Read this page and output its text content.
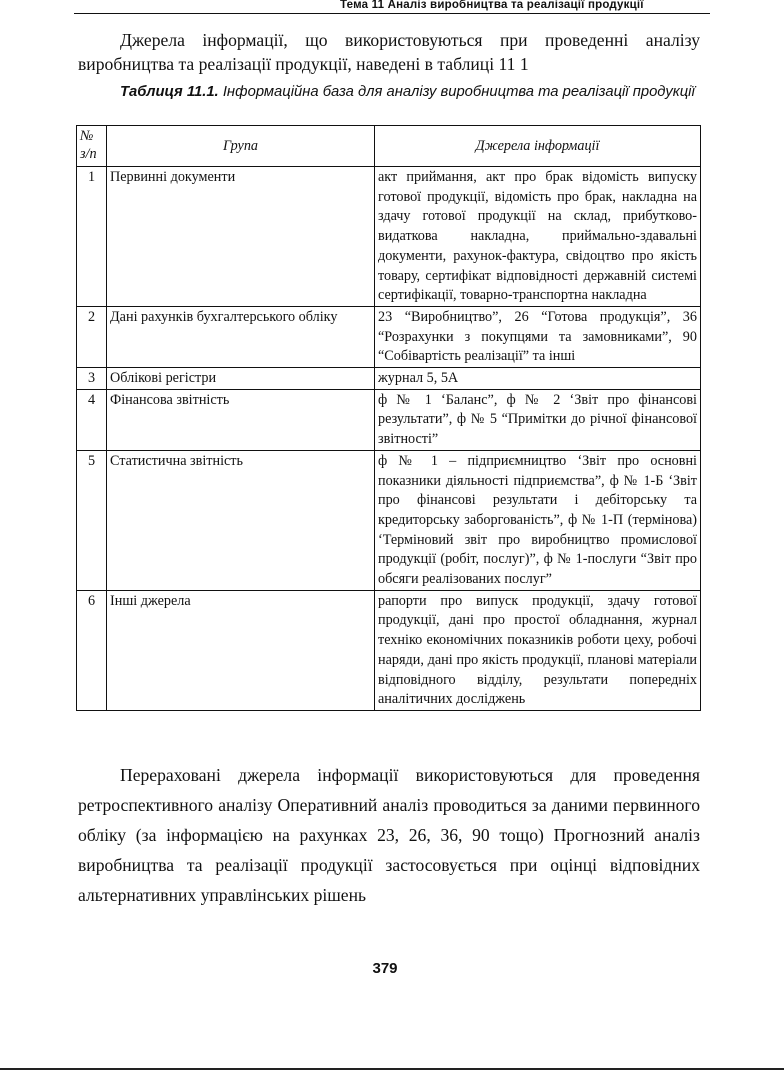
Тема 11 Аналіз виробництва та реалізації продукції

Джерела інформації, що використовуються при проведенні аналізу виробництва та реалізації продукції, наведені в таблиці 11 1

Таблиця 11.1. Інформаційна база для аналізу виробництва та реалізації продукції

№ з/п	Група	Джерела інформації
1	Первинні документи	акт приймання, акт про брак відомість випуску готової продукції, відомість про брак, накладна на здачу готової продукції на склад, прибутково-видаткова накладна, приймально-здавальні документи, рахунок-фактура, свідоцтво про якість товару, сертифікат відповідності державній системі сертифікації, товарно-транспортна накладна
2	Дані рахунків бухгалтерського обліку	23 “Виробництво”, 26 “Готова продукція”, 36 “Розрахунки з покупцями та замовниками”, 90 “Собівартість реалізації” та інші
3	Облікові регістри	журнал 5, 5А
4	Фінансова звітність	ф № 1 ‘Баланс”, ф № 2 ‘Звіт про фінансові результати”, ф № 5 “Примітки до річної фінансової звітності”
5	Статистична звітність	ф № 1 – підприємництво ‘Звіт про основні показники діяльності підприємства”, ф № 1-Б ‘Звіт про фінансові результати і дебіторську та кредиторську заборгованість”, ф № 1-П (термінова) ‘Терміновий звіт про виробництво промислової продукції (робіт, послуг)”, ф № 1-послуги “Звіт про обсяги реалізованих послуг”
6	Інші джерела	рапорти про випуск продукції, здачу готової продукції, дані про простої обладнання, журнал техніко економічних показників роботи цеху, робочі наряди, дані про якість продукції, планові матеріали відповідного відділу, результати попередніх аналітичних досліджень

Перераховані джерела інформації використовуються для проведення ретроспективного аналізу Оперативний аналіз проводиться за даними первинного обліку (за інформацією на рахунках 23, 26, 36, 90 тощо) Прогнозний аналіз виробництва та реалізації продукції застосовується при оцінці відповідних альтернативних управлінських рішень

379
